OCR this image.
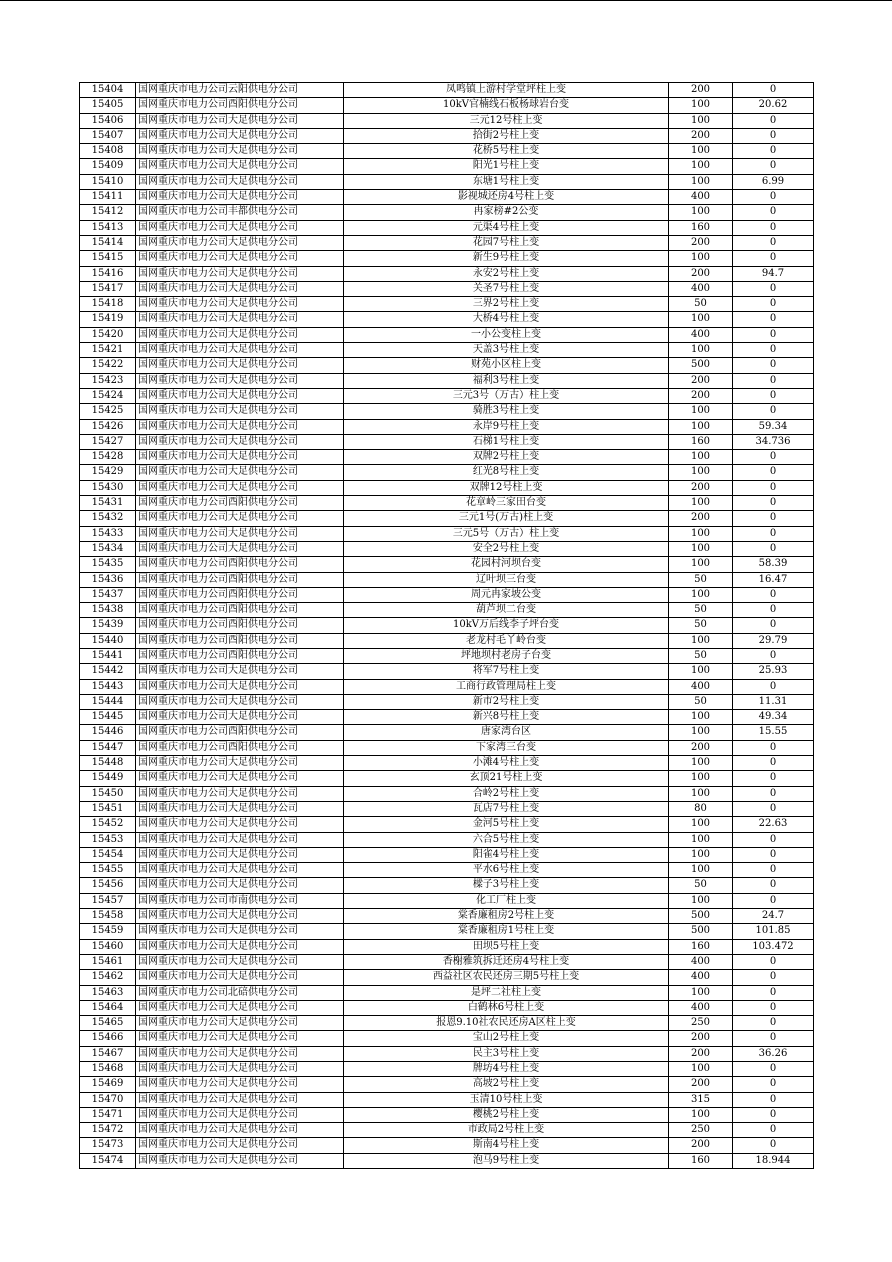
15404	国网重庆市电力公司云阳供电分公司	凤鸣镇上游村学堂坪柱上变	200	0
15405	国网重庆市电力公司酉阳供电分公司	10kV官楠线石板杨球岩台变	100	20.62
15406	国网重庆市电力公司大足供电分公司	三元12号柱上变	100	0
15407	国网重庆市电力公司大足供电分公司	拾街2号柱上变	200	0
15408	国网重庆市电力公司大足供电分公司	花桥5号柱上变	100	0
15409	国网重庆市电力公司大足供电分公司	阳光1号柱上变	100	0
15410	国网重庆市电力公司大足供电分公司	东塘1号柱上变	100	6.99
15411	国网重庆市电力公司大足供电分公司	影视城还房4号柱上变	400	0
15412	国网重庆市电力公司丰都供电分公司	冉家榜#2公变	100	0
15413	国网重庆市电力公司大足供电分公司	元渠4号柱上变	160	0
15414	国网重庆市电力公司大足供电分公司	花园7号柱上变	200	0
15415	国网重庆市电力公司大足供电分公司	新生9号柱上变	100	0
15416	国网重庆市电力公司大足供电分公司	永安2号柱上变	200	94.7
15417	国网重庆市电力公司大足供电分公司	关圣7号柱上变	400	0
15418	国网重庆市电力公司大足供电分公司	三界2号柱上变	50	0
15419	国网重庆市电力公司大足供电分公司	大桥4号柱上变	100	0
15420	国网重庆市电力公司大足供电分公司	一小公变柱上变	400	0
15421	国网重庆市电力公司大足供电分公司	天盖3号柱上变	100	0
15422	国网重庆市电力公司大足供电分公司	财苑小区柱上变	500	0
15423	国网重庆市电力公司大足供电分公司	福利3号柱上变	200	0
15424	国网重庆市电力公司大足供电分公司	三元3号（万古）柱上变	200	0
15425	国网重庆市电力公司大足供电分公司	骑胜3号柱上变	100	0
15426	国网重庆市电力公司大足供电分公司	永岸9号柱上变	100	59.34
15427	国网重庆市电力公司大足供电分公司	石梯1号柱上变	160	34.736
15428	国网重庆市电力公司大足供电分公司	双牌2号柱上变	100	0
15429	国网重庆市电力公司大足供电分公司	红光8号柱上变	100	0
15430	国网重庆市电力公司大足供电分公司	双牌12号柱上变	200	0
15431	国网重庆市电力公司酉阳供电分公司	花章岭三家田台变	100	0
15432	国网重庆市电力公司大足供电分公司	三元1号(万古)柱上变	200	0
15433	国网重庆市电力公司大足供电分公司	三元5号（万古）柱上变	100	0
15434	国网重庆市电力公司大足供电分公司	安全2号柱上变	100	0
15435	国网重庆市电力公司酉阳供电分公司	花园村河坝台变	100	58.39
15436	国网重庆市电力公司酉阳供电分公司	辽叶坝三台变	50	16.47
15437	国网重庆市电力公司酉阳供电分公司	周元冉家坡公变	100	0
15438	国网重庆市电力公司酉阳供电分公司	葫芦坝二台变	50	0
15439	国网重庆市电力公司酉阳供电分公司	10kV万后线李子坪台变	50	0
15440	国网重庆市电力公司酉阳供电分公司	老龙村毛丫岭台变	100	29.79
15441	国网重庆市电力公司酉阳供电分公司	坪地坝村老房子台变	50	0
15442	国网重庆市电力公司大足供电分公司	将军7号柱上变	100	25.93
15443	国网重庆市电力公司大足供电分公司	工商行政管理局柱上变	400	0
15444	国网重庆市电力公司大足供电分公司	新市2号柱上变	50	11.31
15445	国网重庆市电力公司大足供电分公司	新兴8号柱上变	100	49.34
15446	国网重庆市电力公司酉阳供电分公司	唐家湾台区	100	15.55
15447	国网重庆市电力公司酉阳供电分公司	下家湾三台变	200	0
15448	国网重庆市电力公司大足供电分公司	小滩4号柱上变	100	0
15449	国网重庆市电力公司大足供电分公司	玄顶21号柱上变	100	0
15450	国网重庆市电力公司大足供电分公司	合岭2号柱上变	100	0
15451	国网重庆市电力公司大足供电分公司	瓦店7号柱上变	80	0
15452	国网重庆市电力公司大足供电分公司	金河5号柱上变	100	22.63
15453	国网重庆市电力公司大足供电分公司	六合5号柱上变	100	0
15454	国网重庆市电力公司大足供电分公司	阳雀4号柱上变	100	0
15455	国网重庆市电力公司大足供电分公司	平水6号柱上变	100	0
15456	国网重庆市电力公司大足供电分公司	樑子3号柱上变	50	0
15457	国网重庆市电力公司市南供电分公司	化工厂柱上变	100	0
15458	国网重庆市电力公司大足供电分公司	棠香廉租房2号柱上变	500	24.7
15459	国网重庆市电力公司大足供电分公司	棠香廉租房1号柱上变	500	101.85
15460	国网重庆市电力公司大足供电分公司	田坝5号柱上变	160	103.472
15461	国网重庆市电力公司大足供电分公司	香榭雅筑拆迁还房4号柱上变	400	0
15462	国网重庆市电力公司大足供电分公司	西益社区农民还房三期5号柱上变	400	0
15463	国网重庆市电力公司北碚供电分公司	是坪二社柱上变	100	0
15464	国网重庆市电力公司大足供电分公司	白鹤林6号柱上变	400	0
15465	国网重庆市电力公司大足供电分公司	报恩9.10社农民还房A区柱上变	250	0
15466	国网重庆市电力公司大足供电分公司	宝山2号柱上变	200	0
15467	国网重庆市电力公司大足供电分公司	民主3号柱上变	200	36.26
15468	国网重庆市电力公司大足供电分公司	牌坊4号柱上变	100	0
15469	国网重庆市电力公司大足供电分公司	高坡2号柱上变	200	0
15470	国网重庆市电力公司大足供电分公司	玉清10号柱上变	315	0
15471	国网重庆市电力公司大足供电分公司	樱桃2号柱上变	100	0
15472	国网重庆市电力公司大足供电分公司	市政局2号柱上变	250	0
15473	国网重庆市电力公司大足供电分公司	斯南4号柱上变	200	0
15474	国网重庆市电力公司大足供电分公司	泡马9号柱上变	160	18.944
